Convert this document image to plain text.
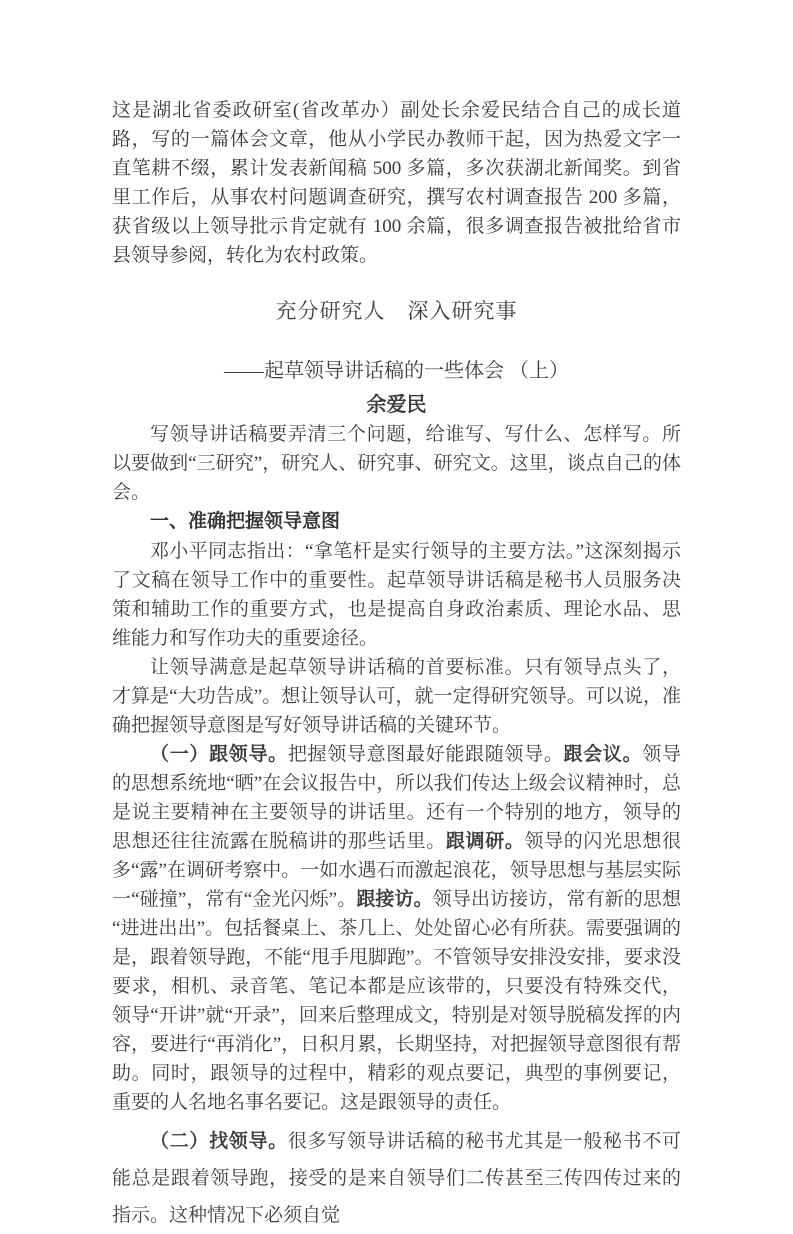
这是湖北省委政研室(省改革办）副处长余爱民结合自己的成长道路，写的一篇体会文章，他从小学民办教师干起，因为热爱文字一直笔耕不缀，累计发表新闻稿 500 多篇，多次获湖北新闻奖。到省里工作后，从事农村问题调查研究，撰写农村调查报告 200 多篇，获省级以上领导批示肯定就有 100 余篇，很多调查报告被批给省市县领导参阅，转化为农村政策。

充分研究人　深入研究事

——起草领导讲话稿的一些体会 （上）

余爱民

写领导讲话稿要弄清三个问题，给谁写、写什么、怎样写。所以要做到“三研究”，研究人、研究事、研究文。这里，谈点自己的体会。

一、准确把握领导意图

邓小平同志指出：“拿笔杆是实行领导的主要方法。”这深刻揭示了文稿在领导工作中的重要性。起草领导讲话稿是秘书人员服务决策和辅助工作的重要方式，也是提高自身政治素质、理论水品、思维能力和写作功夫的重要途径。

让领导满意是起草领导讲话稿的首要标准。只有领导点头了，才算是“大功告成”。想让领导认可，就一定得研究领导。可以说，准确把握领导意图是写好领导讲话稿的关键环节。

（一）跟领导。把握领导意图最好能跟随领导。跟会议。领导的思想系统地“晒”在会议报告中，所以我们传达上级会议精神时，总是说主要精神在主要领导的讲话里。还有一个特别的地方，领导的思想还往往流露在脱稿讲的那些话里。跟调研。领导的闪光思想很多“露”在调研考察中。一如水遇石而激起浪花，领导思想与基层实际一“碰撞”，常有“金光闪烁”。跟接访。领导出访接访，常有新的思想“进进出出”。包括餐桌上、茶几上、处处留心必有所获。需要强调的是，跟着领导跑，不能“甩手甩脚跑”。不管领导安排没安排，要求没要求，相机、录音笔、笔记本都是应该带的，只要没有特殊交代，领导“开讲”就“开录”，回来后整理成文，特别是对领导脱稿发挥的内容，要进行“再消化”，日积月累，长期坚持，对把握领导意图很有帮助。同时，跟领导的过程中，精彩的观点要记，典型的事例要记，重要的人名地名事名要记。这是跟领导的责任。

（二）找领导。很多写领导讲话稿的秘书尤其是一般秘书不可能总是跟着领导跑，接受的是来自领导们二传甚至三传四传过来的指示。这种情况下必须自觉
